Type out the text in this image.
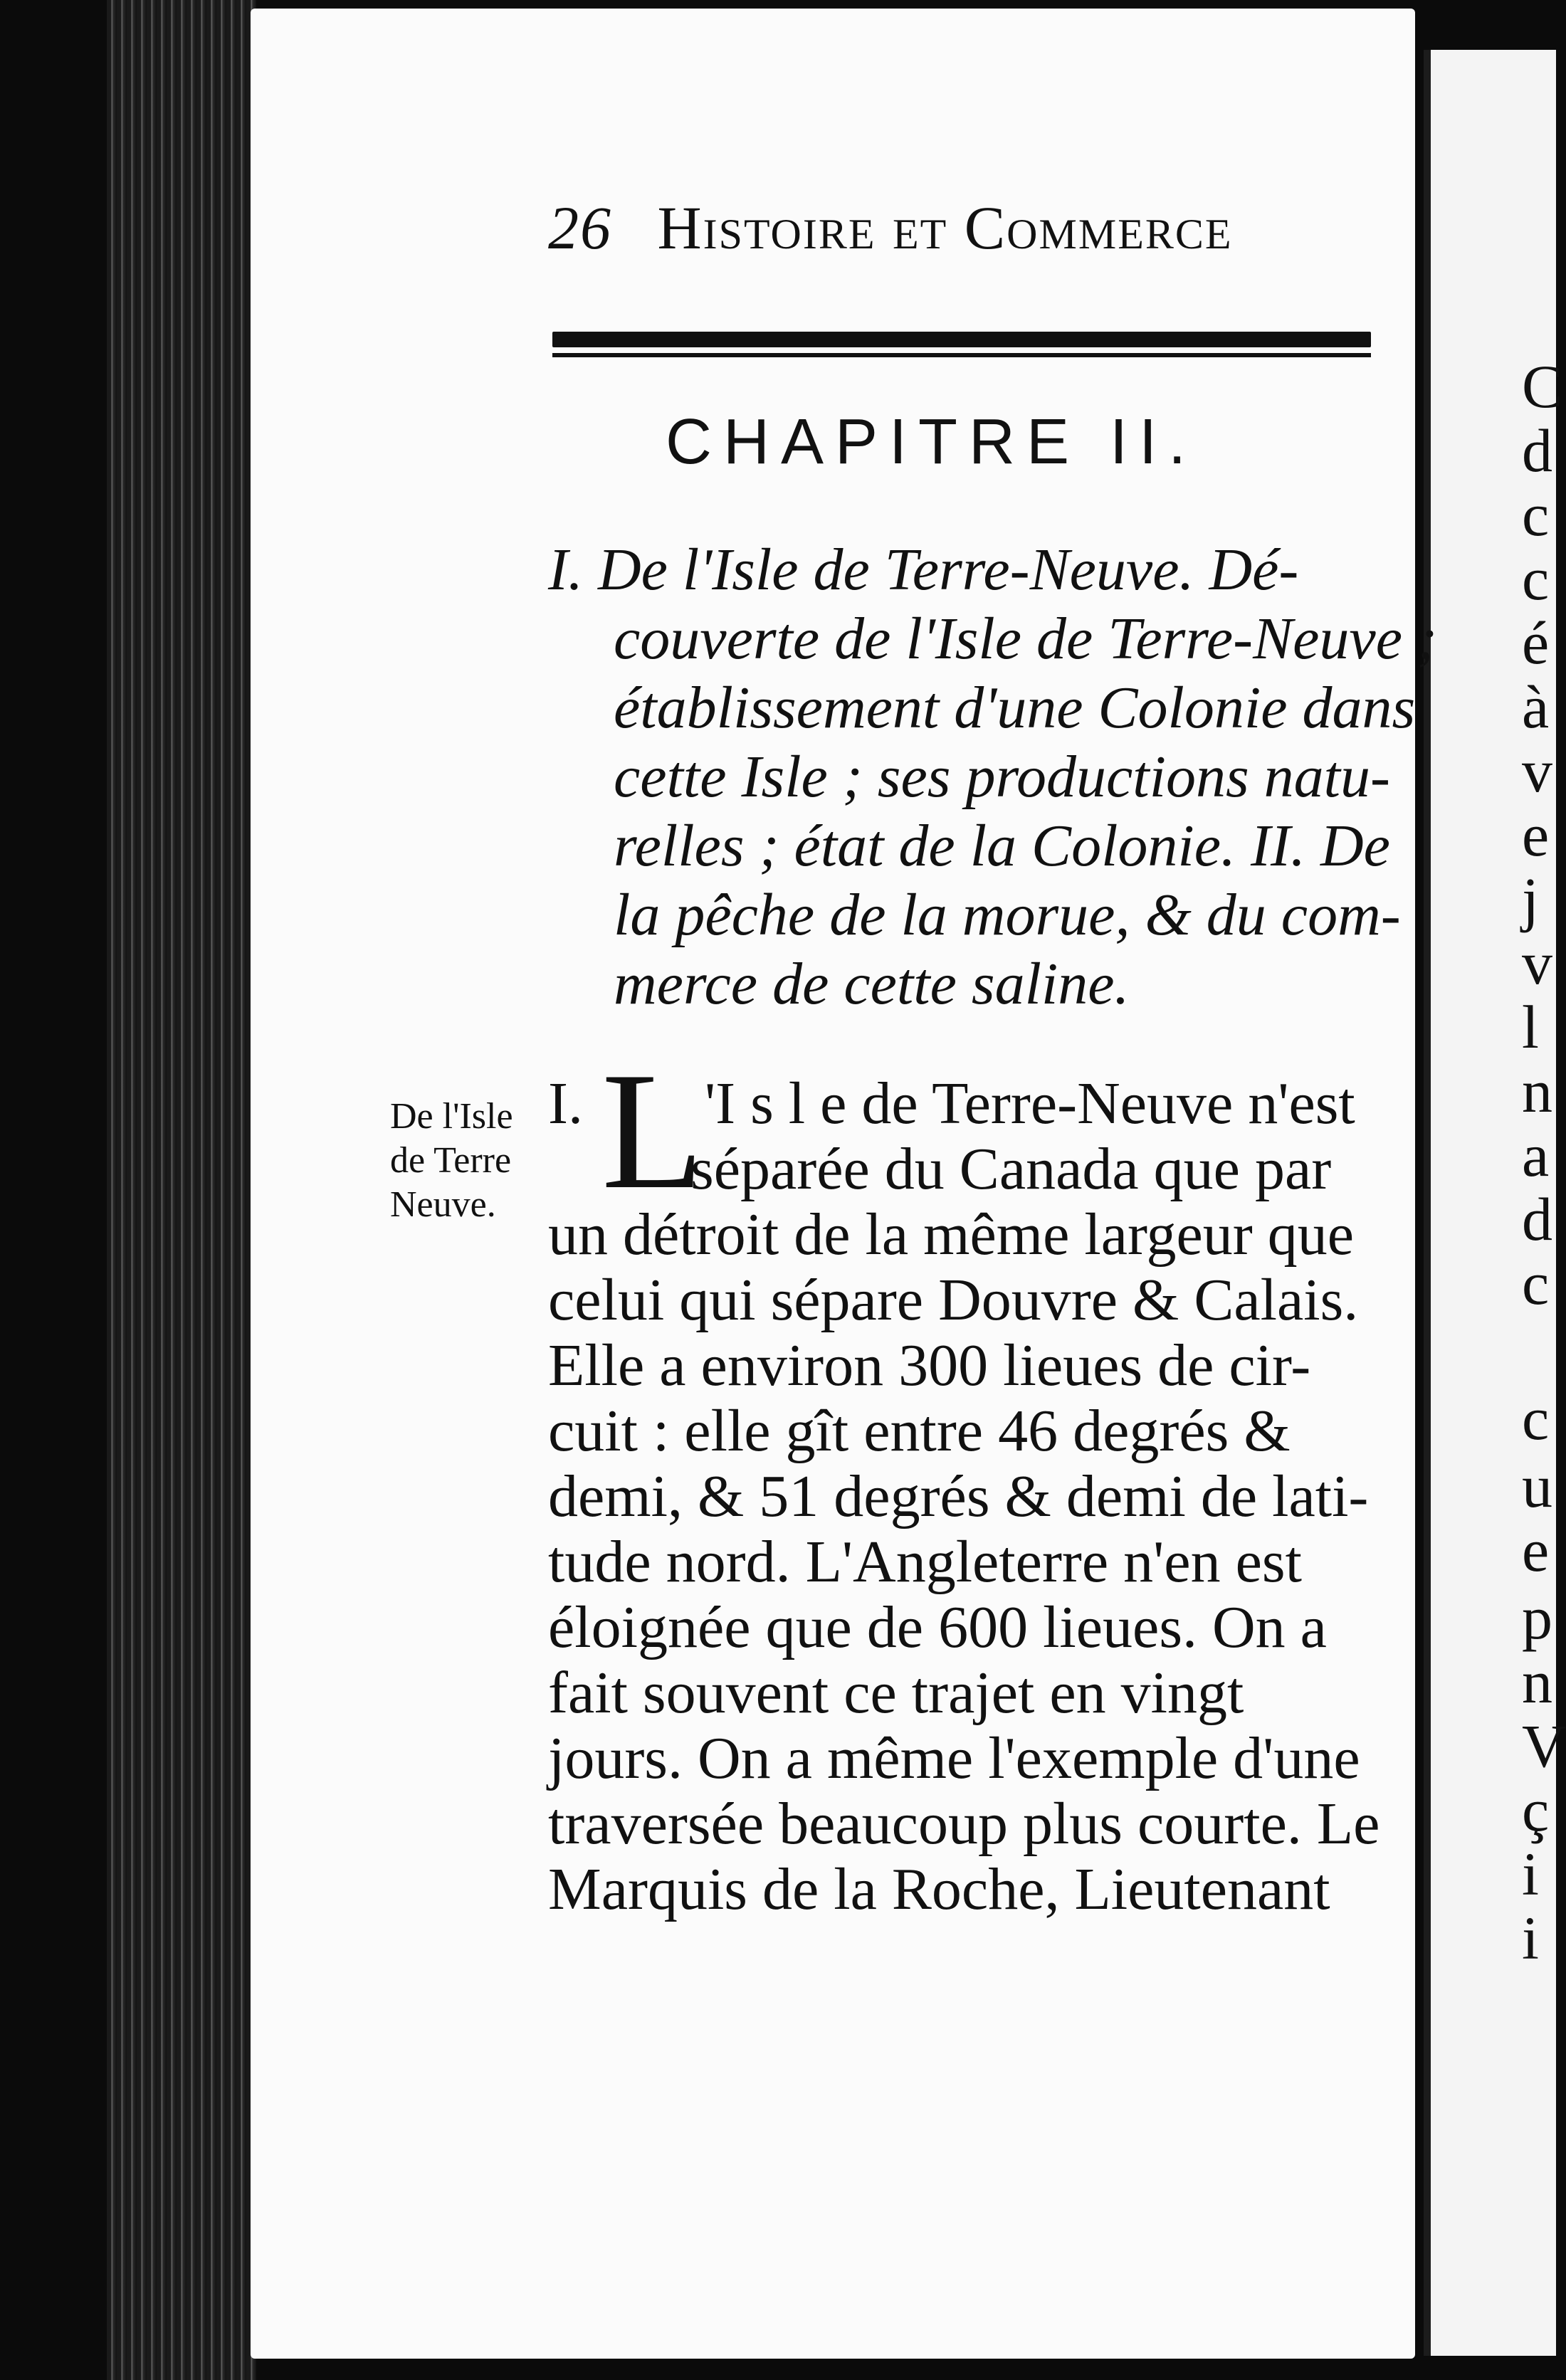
C
d
c
c
é
à
v
e
j
v
l
n
a
d
c
c
u
e
p
n
V
ç
i
i
26 Histoire et Commerce
CHAPITRE II.
I. De l'Isle de Terre-Neuve. Dé-
couverte de l'Isle de Terre-Neuve ;
établissement d'une Colonie dans
cette Isle ; ses productions natu-
relles ; état de la Colonie. II. De
la pêche de la morue, & du com-
merce de cette saline.
De l'Isle
de Terre
Neuve. L
I. 'I s l e de Terre-Neuve n'est
séparée du Canada que par
un détroit de la même largeur que
celui qui sépare Douvre & Calais.
Elle a environ 300 lieues de cir-
cuit : elle gît entre 46 degrés &
demi, & 51 degrés & demi de lati-
tude nord. L'Angleterre n'en est
éloignée que de 600 lieues. On a
fait souvent ce trajet en vingt
jours. On a même l'exemple d'une
traversée beaucoup plus courte. Le
Marquis de la Roche, Lieutenant
